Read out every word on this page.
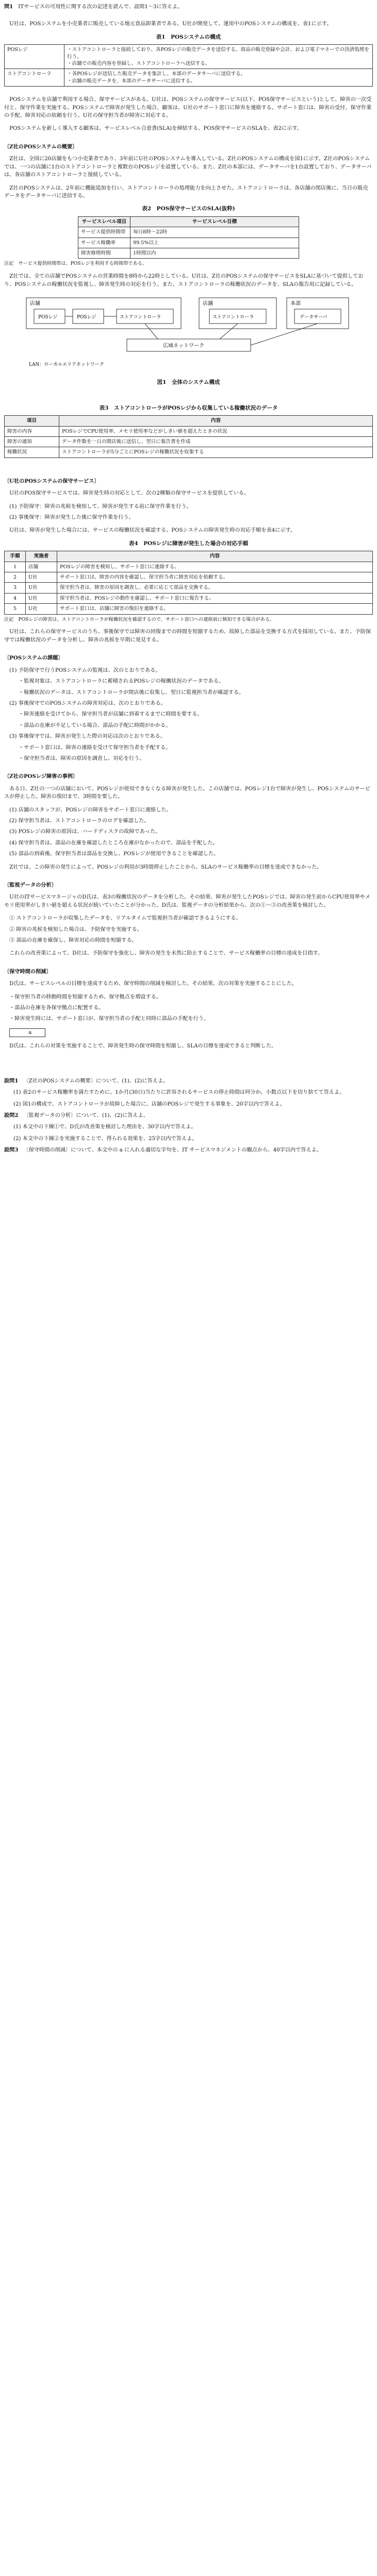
問1 ITサービスの可用性に関する次の記述を読んで、設問1～3に答えよ。

U社は、POSシステムを小売業者に販売している地元食品卸業者である。U社が開発して、運用中のPOSシステムの構成を、表1に示す。

表1　POSシステムの構成
POSレジ	・ストアコントローラと接続しており、各POSレジの販売データを送信する。商品の販売登録や会計、および電子マネーでの決済処理を行う。
・店舗での販売内容を登録し、ストアコントローラへ送信する。
ストアコントローラ	・各POSレジが送信した販売データを集計し、本部のデータサーバに送信する。
・店舗の販売データを、本部のデータサーバに送信する。

POSシステムを店舗で利用する場合、保守サービスがある。U社は、POSシステムの保守サービス(以下、POS保守サービスという)として、障害の一次受付と、保守作業を実施する。POSシステムで障害が発生した場合、顧客は、U社のサポート窓口に障害を連絡する。サポート窓口は、障害の受付、保守作業の手配、障害対応の依頼を行う。U社の保守担当者が障害に対応する。

POSシステムを新しく導入する顧客は、サービスレベル合意書(SLA)を締結する。POS保守サービスのSLAを、表2に示す。

〔Z社のPOSシステムの概要〕

Z社は、全国に20店舗をもつ小売業者であり、3年前にU社のPOSシステムを導入している。Z社のPOSシステムの構成を図1に示す。Z社のPOSシステムでは、一つの店舗に1台のストアコントローラと複数台のPOSレジを設置している。また、Z社の本部には、データサーバを1台設置しており、データサーバは、各店舗のストアコントローラと接続している。

Z社のPOSシステムは、2年前に機能追加を行い、ストアコントローラの処理能力を向上させた。ストアコントローラは、各店舗の閉店後に、当日の販売データをデータサーバに送信する。

表2　POS保守サービスのSLA(抜粋)
サービスレベル項目	サービスレベル目標
サービス提供時間帯	毎日8時～22時
サービス稼働率	99.5%以上
障害修理時間	1時間以内
注記　サービス提供時間帯は、POSレジを利用する時間帯である。

Z社では、全ての店舗でPOSシステムの営業時間を8時から22時としている。U社は、Z社のPOSシステムの保守サービスをSLAに基づいて提供しており、POSシステムの稼働状況を監視し、障害発生時の対応を行う。また、ストアコントローラの稼働状況のデータを、SLAの報告用に記録している。

店舗
POSレジ	POSレジ	ストアコントローラ
広域ネットワーク
店舗
ストアコントローラ
本部
データサーバ
LAN：ローカルエリアネットワーク
図1　全体のシステム構成
表3　ストアコントローラがPOSレジから収集している稼働状況のデータ
項目	内容
障害の内容	POSレジでCPU使用率、メモリ使用率などがしきい値を超えたときの状況
障害の通知	データ件数を一日の閉店後に送信し、翌日に報告書を作成
稼働状況	ストアコントローラが5分ごとにPOSレジの稼働状況を収集する
〔U社のPOSシステムの保守サービス〕

U社のPOS保守サービスでは、障害発生時の対応として、次の2種類の保守サービスを提供している。

(1) 予防保守：障害の兆候を検知して、障害が発生する前に保守作業を行う。
(2) 事後保守：障害が発生した後に保守作業を行う。

U社は、障害が発生した場合には、サービスの稼働状況を確認する。POSシステムの障害発生時の対応手順を表4に示す。

表4　POSレジに障害が発生した場合の対応手順
手順	実施者	内容
1	店舗	POSレジの障害を検知し、サポート窓口に連絡する。
2	U社	サポート窓口は、障害の内容を確認し、保守担当者に障害対応を依頼する。
3	U社	保守担当者は、障害の原因を調査し、必要に応じて部品を交換する。
4	U社	保守担当者は、POSレジの動作を確認し、サポート窓口に報告する。
5	U社	サポート窓口は、店舗に障害の復旧を連絡する。
注記　POSレジの障害は、ストアコントローラが稼働状況を確認するので、サポート窓口への連絡前に検知できる場合がある。

U社は、これらの保守サービスのうち、事後保守では障害の回復までの時間を短縮するため、故障した部品を交換する方式を採用している。また、予防保守では稼働状況のデータを分析し、障害の兆候を早期に発見する。

〔POSシステムの課題〕
(1) 予防保守で行うPOSシステムの監視は、次のとおりである。
・監視対象は、ストアコントローラに蓄積されるPOSレジの稼働状況のデータである。
・稼働状況のデータは、ストアコントローラが閉店後に収集し、翌日に監視担当者が確認する。
(2) 事後保守でのPOSシステムの障害対応は、次のとおりである。
・障害連絡を受けてから、保守担当者が店舗に到着するまでに時間を要する。
・部品の在庫が不足している場合、部品の手配に時間がかかる。
(3) 事後保守では、障害が発生した際の対応は次のとおりである。
・サポート窓口は、障害の連絡を受けて保守担当者を手配する。
・保守担当者は、障害の原因を調査し、対応を行う。
〔Z社のPOSレジ障害の事例〕

ある日、Z社の一つの店舗において、POSレジが使用できなくなる障害が発生した。この店舗では、POSレジ1台で障害が発生し、POSシステムのサービスが停止した。障害の復旧まで、3時間を要した。

(1) 店舗のスタッフが、POSレジの障害をサポート窓口に連絡した。
(2) 保守担当者は、ストアコントローラのログを確認した。
(3) POSレジの障害の原因は、ハードディスクの故障であった。
(4) 保守担当者は、部品の在庫を確認したところ在庫がなかったので、部品を手配した。
(5) 部品の到着後、保守担当者は部品を交換し、POSレジが使用できることを確認した。

Z社では、この障害の発生によって、POSレジの利用が3時間停止したことから、SLAのサービス稼働率の目標を達成できなかった。

〔監視データの分析〕

U社のITサービスマネージャのD氏は、表3の稼働状況のデータを分析した。その結果、障害が発生したPOSレジでは、障害の発生前からCPU使用率やメモリ使用率がしきい値を超える状況が続いていたことが分かった。D氏は、監視データの分析結果から、次の①～③の改善策を検討した。

① ストアコントローラが収集したデータを、リアルタイムで監視担当者が確認できるようにする。
② 障害の兆候を検知した場合は、予防保守を実施する。
③ 部品の在庫を確保し、障害対応の時間を短縮する。

これらの改善策によって、D社は、予防保守を強化し、障害の発生を未然に防止することで、サービス稼働率の目標の達成を目指す。

〔保守時間の削減〕

D氏は、サービスレベルの目標を達成するため、保守時間の削減を検討した。その結果、次の対策を実施することにした。

・保守担当者の移動時間を短縮するため、保守拠点を増設する。
・部品の在庫を各保守拠点に配置する。
・障害発生時には、サポート窓口が、保守担当者の手配と同時に部品の手配を行う。

a

D氏は、これらの対策を実施することで、障害発生時の保守時間を短縮し、SLAの目標を達成できると判断した。

設問1 〔Z社のPOSシステムの概要〕について、(1)、(2)に答えよ。
(1) 表2のサービス稼働率を満たすために、1か月(30日)当たりに許容されるサービスの停止時間は何分か。小数点以下を切り捨てて答えよ。
(2) 図1の構成で、ストアコントローラが故障した場合に、店舗のPOSレジで発生する事象を、20字以内で答えよ。
設問2 〔監視データの分析〕について、(1)、(2)に答えよ。
(1) 本文中の下線①で、D氏が改善策を検討した理由を、30字以内で答えよ。
(2) 本文中の下線②を実施することで、得られる効果を、25字以内で答えよ。
設問3 〔保守時間の削減〕について、本文中の a に入れる適切な字句を、IT サービスマネジメントの観点から、40字以内で答えよ。
